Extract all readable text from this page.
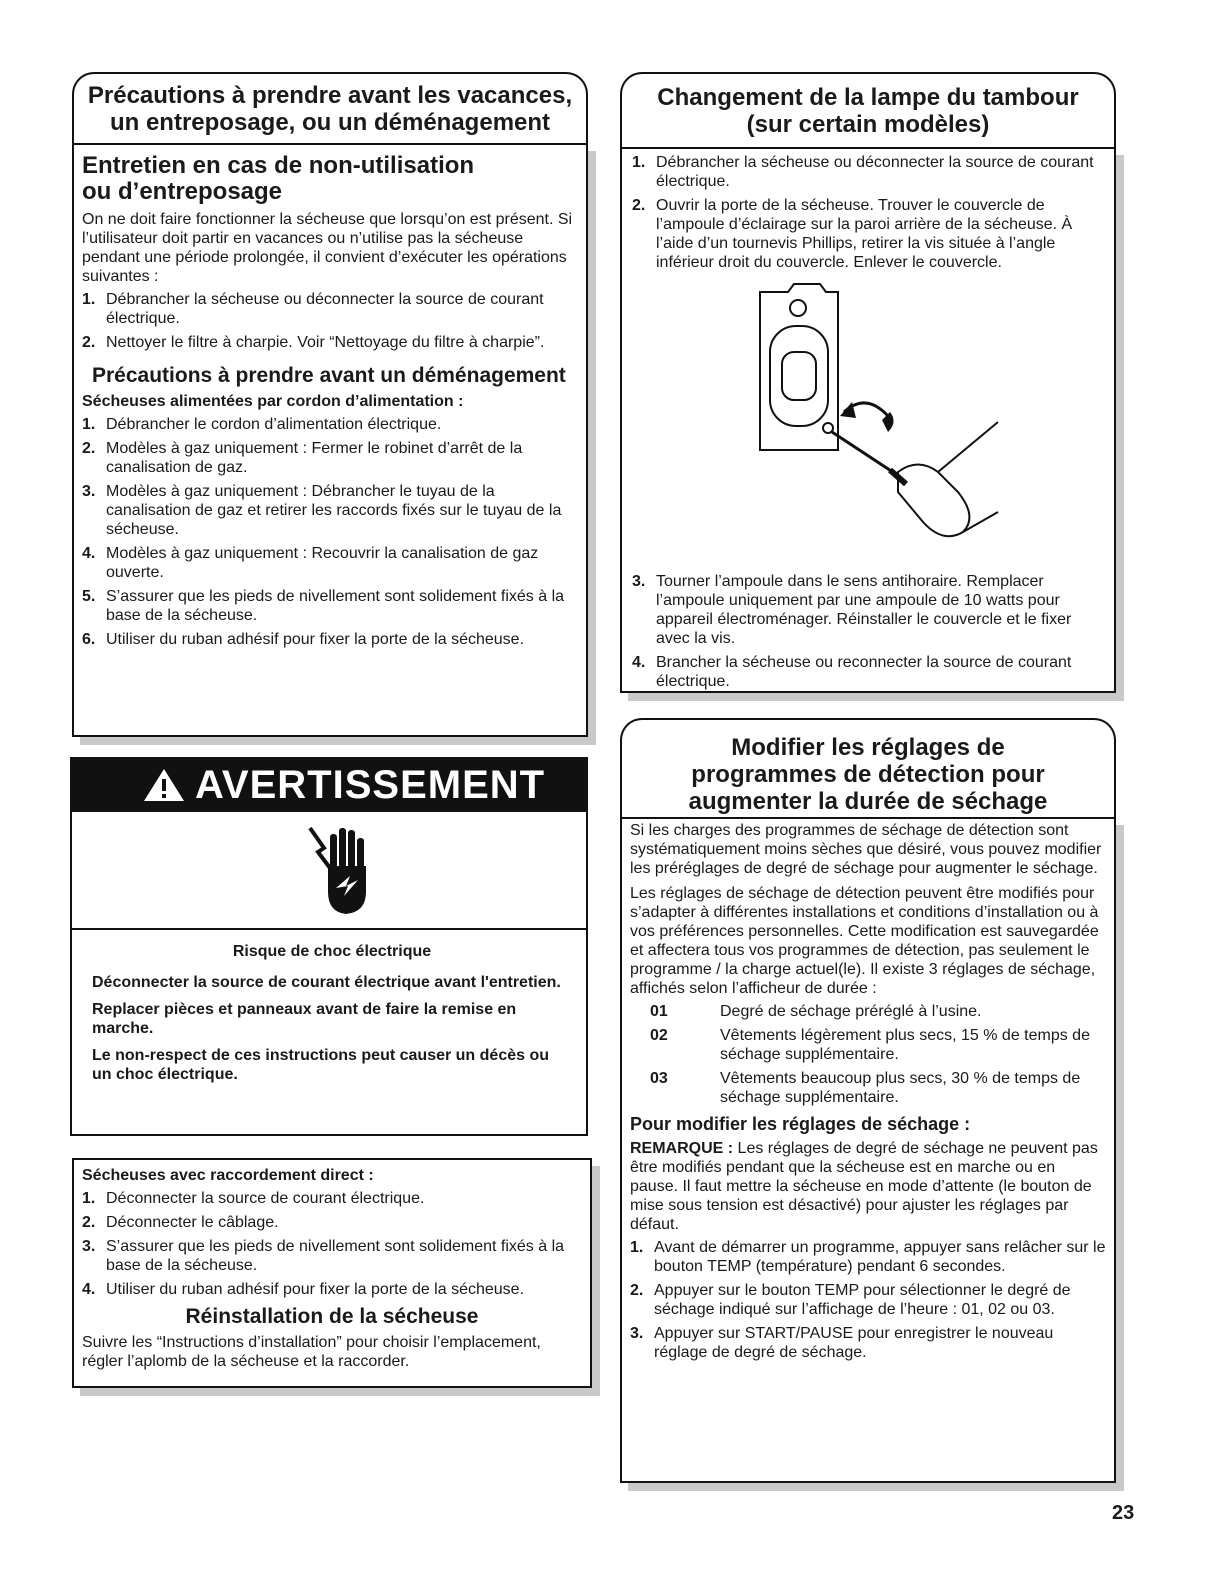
Précautions à prendre avant les vacances,
un entreposage, ou un déménagement
Entretien en cas de non-utilisation
ou d’entreposage

On ne doit faire fonctionner la sécheuse que lorsqu’on est présent. Si l’utilisateur doit partir en vacances ou n’utilise pas la sécheuse pendant une période prolongée, il convient d’exécuter les opérations suivantes :

1. Débrancher la sécheuse ou déconnecter la source de courant électrique.
2. Nettoyer le filtre à charpie. Voir “Nettoyage du filtre à charpie”.
Précautions à prendre avant un déménagement

Sécheuses alimentées par cordon d’alimentation :

1. Débrancher le cordon d’alimentation électrique.
2. Modèles à gaz uniquement : Fermer le robinet d’arrêt de la canalisation de gaz.
3. Modèles à gaz uniquement : Débrancher le tuyau de la canalisation de gaz et retirer les raccords fixés sur le tuyau de la sécheuse.
4. Modèles à gaz uniquement : Recouvrir la canalisation de gaz ouverte.
5. S’assurer que les pieds de nivellement sont solidement fixés à la base de la sécheuse.
6. Utiliser du ruban adhésif pour fixer la porte de la sécheuse.
AVERTISSEMENT

Risque de choc électrique

Déconnecter la source de courant électrique avant l'entretien.

Replacer pièces et panneaux avant de faire la remise en marche.

Le non-respect de ces instructions peut causer un décès ou un choc électrique.

Sécheuses avec raccordement direct :

1. Déconnecter la source de courant électrique.
2. Déconnecter le câblage.
3. S’assurer que les pieds de nivellement sont solidement fixés à la base de la sécheuse.
4. Utiliser du ruban adhésif pour fixer la porte de la sécheuse.
Réinstallation de la sécheuse

Suivre les “Instructions d’installation” pour choisir l’emplacement, régler l’aplomb de la sécheuse et la raccorder.

Changement de la lampe du tambour
(sur certain modèles)
1. Débrancher la sécheuse ou déconnecter la source de courant électrique.
2. Ouvrir la porte de la sécheuse. Trouver le couvercle de l’ampoule d’éclairage sur la paroi arrière de la sécheuse. À l’aide d’un tournevis Phillips, retirer la vis située à l’angle inférieur droit du couvercle. Enlever le couvercle.
3. Tourner l’ampoule dans le sens antihoraire. Remplacer l’ampoule uniquement par une ampoule de 10 watts pour appareil électroménager. Réinstaller le couvercle et le fixer avec la vis.
4. Brancher la sécheuse ou reconnecter la source de courant électrique.
Modifier les réglages de
programmes de détection pour
augmenter la durée de séchage

Si les charges des programmes de séchage de détection sont systématiquement moins sèches que désiré, vous pouvez modifier les préréglages de degré de séchage pour augmenter le séchage.

Les réglages de séchage de détection peuvent être modifiés pour s’adapter à différentes installations et conditions d’installation ou à vos préférences personnelles. Cette modification est sauvegardée et affectera tous vos programmes de détection, pas seulement le programme / la charge actuel(le). Il existe 3 réglages de séchage, affichés selon l’afficheur de durée :

01	Degré de séchage préréglé à l’usine.
02	Vêtements légèrement plus secs, 15 % de temps de séchage supplémentaire.
03	Vêtements beaucoup plus secs, 30 % de temps de séchage supplémentaire.

Pour modifier les réglages de séchage :

REMARQUE : Les réglages de degré de séchage ne peuvent pas être modifiés pendant que la sécheuse est en marche ou en pause. Il faut mettre la sécheuse en mode d’attente (le bouton de mise sous tension est désactivé) pour ajuster les réglages par défaut.

1. Avant de démarrer un programme, appuyer sans relâcher sur le bouton TEMP (température) pendant 6 secondes.
2. Appuyer sur le bouton TEMP pour sélectionner le degré de séchage indiqué sur l’affichage de l’heure : 01, 02 ou 03.
3. Appuyer sur START/PAUSE pour enregistrer le nouveau réglage de degré de séchage.
23
